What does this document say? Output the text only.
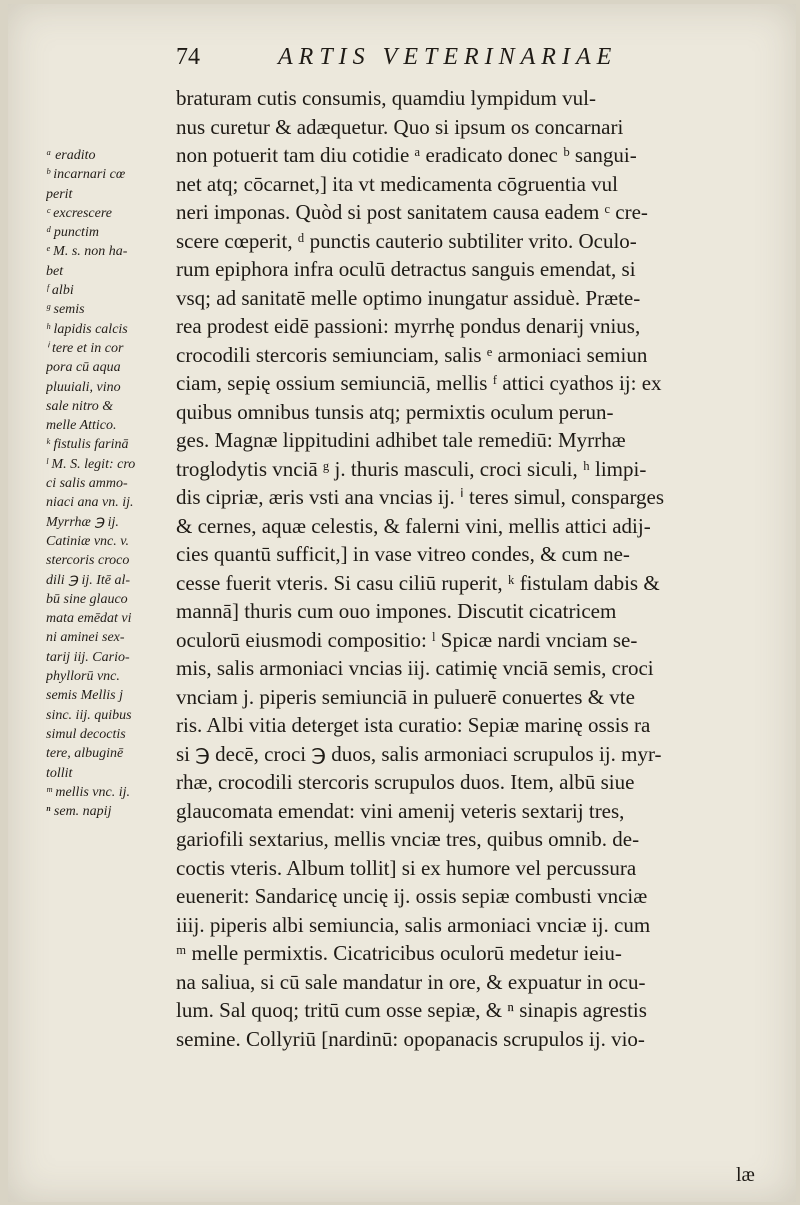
74	ARTIS VETERINARIAE
braturam cutis consumis, quamdiu lympidum vul-
nus curetur & adæquetur. Quo si ipsum os concarnari
non potuerit tam diu cotidie ᵃ eradicato donec ᵇ sangui-
net atq; cōcarnet,] ita vt medicamenta cōgruentia vul
neri imponas. Quòd si post sanitatem causa eadem ᶜ cre-
scere cœperit, ᵈ punctis cauterio subtiliter vrito. Oculo-
rum epiphora infra oculū detractus sanguis emendat, si
vsq; ad sanitatē melle optimo inungatur assiduè. Præte-
rea prodest eidē passioni: myrrhę pondus denarij vnius,
crocodili stercoris semiunciam, salis ᵉ armoniaci semiun
ciam, sepię ossium semiunciā, mellis ᶠ attici cyathos ij: ex
quibus omnibus tunsis atq; permixtis oculum perun-
ges. Magnæ lippitudini adhibet tale remediū: Myrrhæ
troglodytis vnciā ᵍ j. thuris masculi, croci siculi, ʰ limpi-
dis cipriæ, æris vsti ana vncias ij. ⁱ teres simul, consparges
& cernes, aquæ celestis, & falerni vini, mellis attici adij-
cies quantū sufficit,] in vase vitreo condes, & cum ne-
cesse fuerit vteris. Si casu ciliū ruperit, ᵏ fistulam dabis &
mannā] thuris cum ouo impones. Discutit cicatricem
oculorū eiusmodi compositio: ˡ Spicæ nardi vnciam se-
mis, salis armoniaci vncias iij. catimię vnciā semis, croci
vnciam j. piperis semiunciā in puluerē conuertes & vte
ris. Albi vitia deterget ista curatio: Sepiæ marinę ossis ra
si ℈ decē, croci ℈ duos, salis armoniaci scrupulos ij. myr-
rhæ, crocodili stercoris scrupulos duos. Item, albū siue
glaucomata emendat: vini amenij veteris sextarij tres,
gariofili sextarius, mellis vnciæ tres, quibus omnib. de-
coctis vteris. Album tollit] si ex humore vel percussura
euenerit: Sandaricę uncię ij. ossis sepiæ combusti vnciæ
iiij. piperis albi semiuncia, salis armoniaci vnciæ ij. cum
ᵐ melle permixtis. Cicatricibus oculorū medetur ieiu-
na saliua, si cū sale mandatur in ore, & expuatur in ocu-
lum. Sal quoq; tritū cum osse sepiæ, & ⁿ sinapis agrestis
semine. Collyriū [nardinū: opopanacis scrupulos ij. vio-
ᵃ eradito
ᵇ incarnari cœ
perit
ᶜ excrescere
ᵈ punctim
ᵉ M. s. non ha-
bet
ᶠ albi
ᵍ semis
ʰ lapidis calcis
ⁱ tere et in cor
pora cū aqua
pluuiali, vino
sale nitro &
melle Attico.
ᵏ fistulis farinā
ˡ M. S. legit: cro
ci salis ammo-
niaci ana vn. ij.
Myrrhæ ℈ ij.
Catiniæ vnc. v.
stercoris croco
dili ℈ ij. Itē al-
bū sine glauco
mata emēdat vi
ni aminei sex-
tarij iij. Cario-
phyllorū vnc.
semis Mellis j
sinc. iij. quibus
simul decoctis
tere, albuginē
tollit
ᵐ mellis vnc. ij.
ⁿ sem. napij
læ
